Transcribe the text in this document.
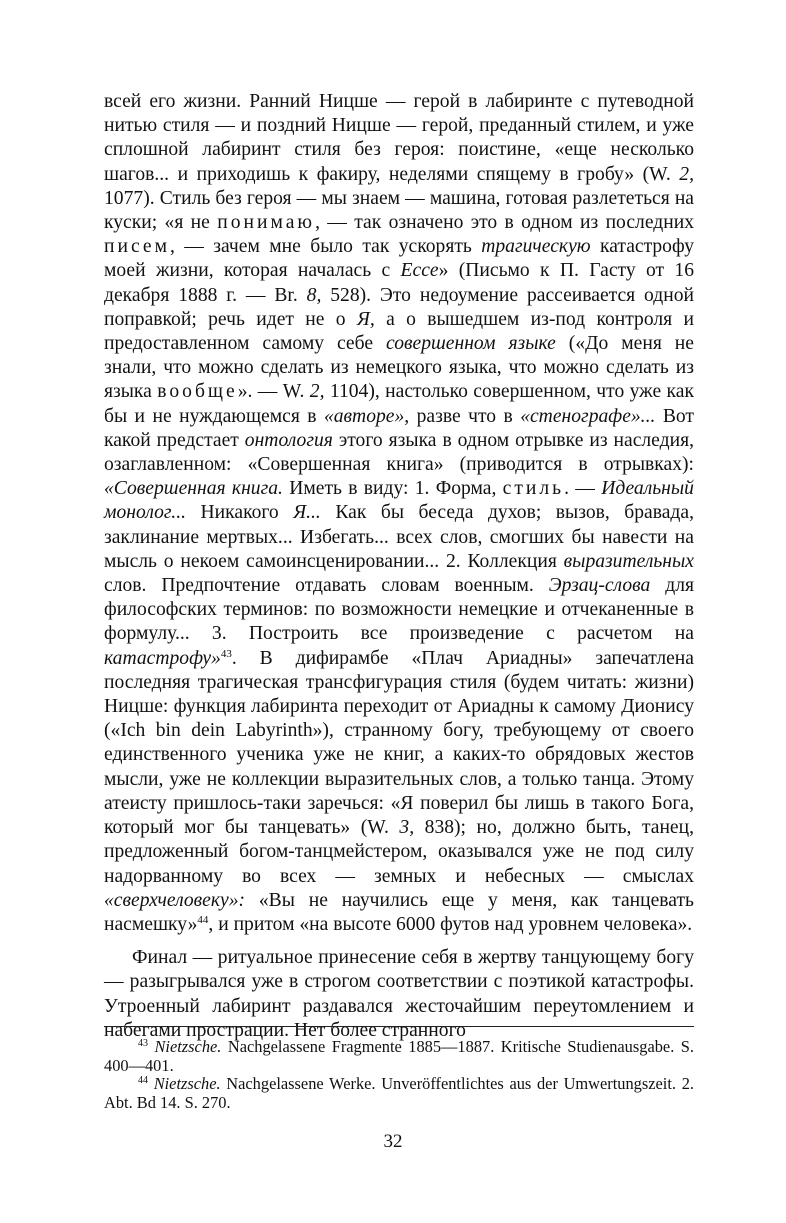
всей его жизни. Ранний Ницше — герой в лабиринте с путеводной нитью стиля — и поздний Ницше — герой, преданный стилем, и уже сплошной лабиринт стиля без героя: поистине, «еще несколько шагов... и приходишь к факиру, неделями спящему в гробу» (W. 2, 1077). Стиль без героя — мы знаем — машина, готовая разлететься на куски; «я не понимаю, — так означено это в одном из последних писем, — зачем мне было так ускорять трагическую катастрофу моей жизни, которая началась с Ecce» (Письмо к П. Гасту от 16 декабря 1888 г. — Br. 8, 528). Это недоумение рассеивается одной поправкой; речь идет не о Я, а о вышедшем из-под контроля и предоставленном самому себе совершенном языке («До меня не знали, что можно сделать из немецкого языка, что можно сделать из языка вообще». — W. 2, 1104), настолько совершенном, что уже как бы и не нуждающемся в «авторе», разве что в «стенографе»... Вот какой предстает онтология этого языка в одном отрывке из наследия, озаглавленном: «Совершенная книга» (приводится в отрывках): «Совершенная книга. Иметь в виду: 1. Форма, стиль. — Идеальный монолог... Никакого Я... Как бы беседа духов; вызов, бравада, заклинание мертвых... Избегать... всех слов, смогших бы навести на мысль о некоем самоинсценировании... 2. Коллекция выразительных слов. Предпочтение отдавать словам военным. Эрзац-слова для философских терминов: по возможности немецкие и отчеканенные в формулу... 3. Построить все произведение с расчетом на катастрофу»$^{43}$. В дифирамбе «Плач Ариадны» запечатлена последняя трагическая трансфигурация стиля (будем читать: жизни) Ницше: функция лабиринта переходит от Ариадны к самому Дионису («Ich bin dein Labyrinth»), странному богу, требующему от своего единственного ученика уже не книг, а каких-то обрядовых жестов мысли, уже не коллекции выразительных слов, а только танца. Этому атеисту пришлось-таки заречься: «Я поверил бы лишь в такого Бога, который мог бы танцевать» (W. 3, 838); но, должно быть, танец, предложенный богом-танцмейстером, оказывался уже не под силу надорванному во всех — земных и небесных — смыслах «сверхчеловеку»: «Вы не научились еще у меня, как танцевать насмешку»$^{44}$, и притом «на высоте 6000 футов над уровнем человека».

Финал — ритуальное принесение себя в жертву танцующему богу — разыгрывался уже в строгом соответствии с поэтикой катастрофы. Утроенный лабиринт раздавался жесточайшим переутомлением и набегами прострации. Нет более странного

$^{43}$ Nietzsche. Nachgelassene Fragmente 1885—1887. Kritische Studienausgabe. S. 400—401.

$^{44}$ Nietzsche. Nachgelassene Werke. Unveröffentlichtes aus der Umwertungszeit. 2. Abt. Bd 14. S. 270.

32
